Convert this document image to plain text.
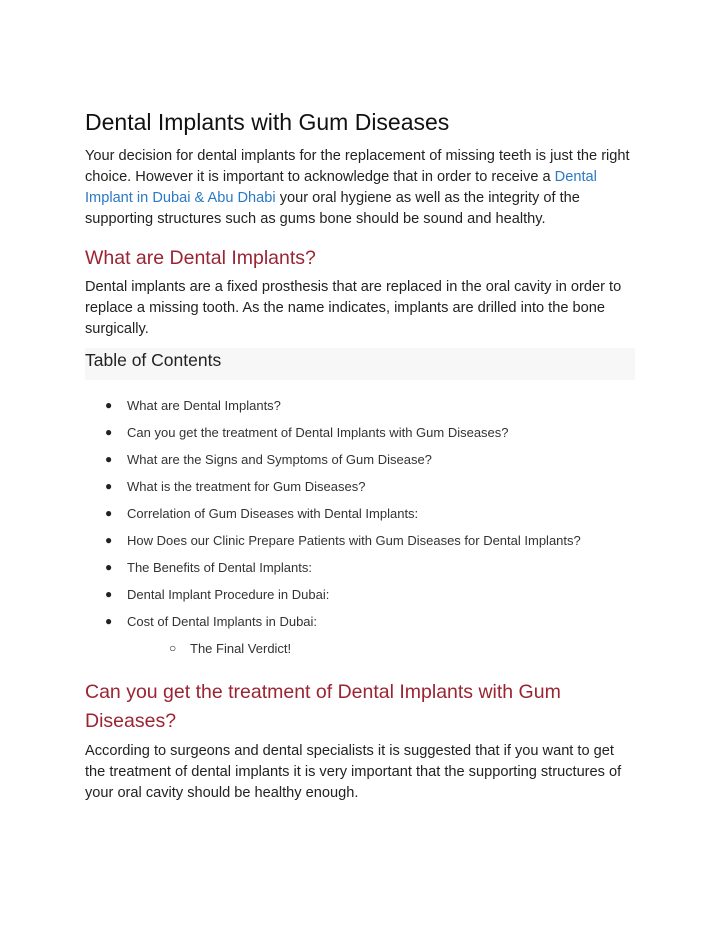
Dental Implants with Gum Diseases

Your decision for dental implants for the replacement of missing teeth is just the right choice. However it is important to acknowledge that in order to receive a Dental Implant in Dubai & Abu Dhabi your oral hygiene as well as the integrity of the supporting structures such as gums bone should be sound and healthy.

What are Dental Implants?

Dental implants are a fixed prosthesis that are replaced in the oral cavity in order to replace a missing tooth. As the name indicates, implants are drilled into the bone surgically.

Table of Contents
● What are Dental Implants?
● Can you get the treatment of Dental Implants with Gum Diseases?
● What are the Signs and Symptoms of Gum Disease?
● What is the treatment for Gum Diseases?
● Correlation of Gum Diseases with Dental Implants:
● How Does our Clinic Prepare Patients with Gum Diseases for Dental Implants?
● The Benefits of Dental Implants:
● Dental Implant Procedure in Dubai:
● Cost of Dental Implants in Dubai:
○ The Final Verdict!
Can you get the treatment of Dental Implants with Gum Diseases?

According to surgeons and dental specialists it is suggested that if you want to get the treatment of dental implants it is very important that the supporting structures of your oral cavity should be healthy enough.
